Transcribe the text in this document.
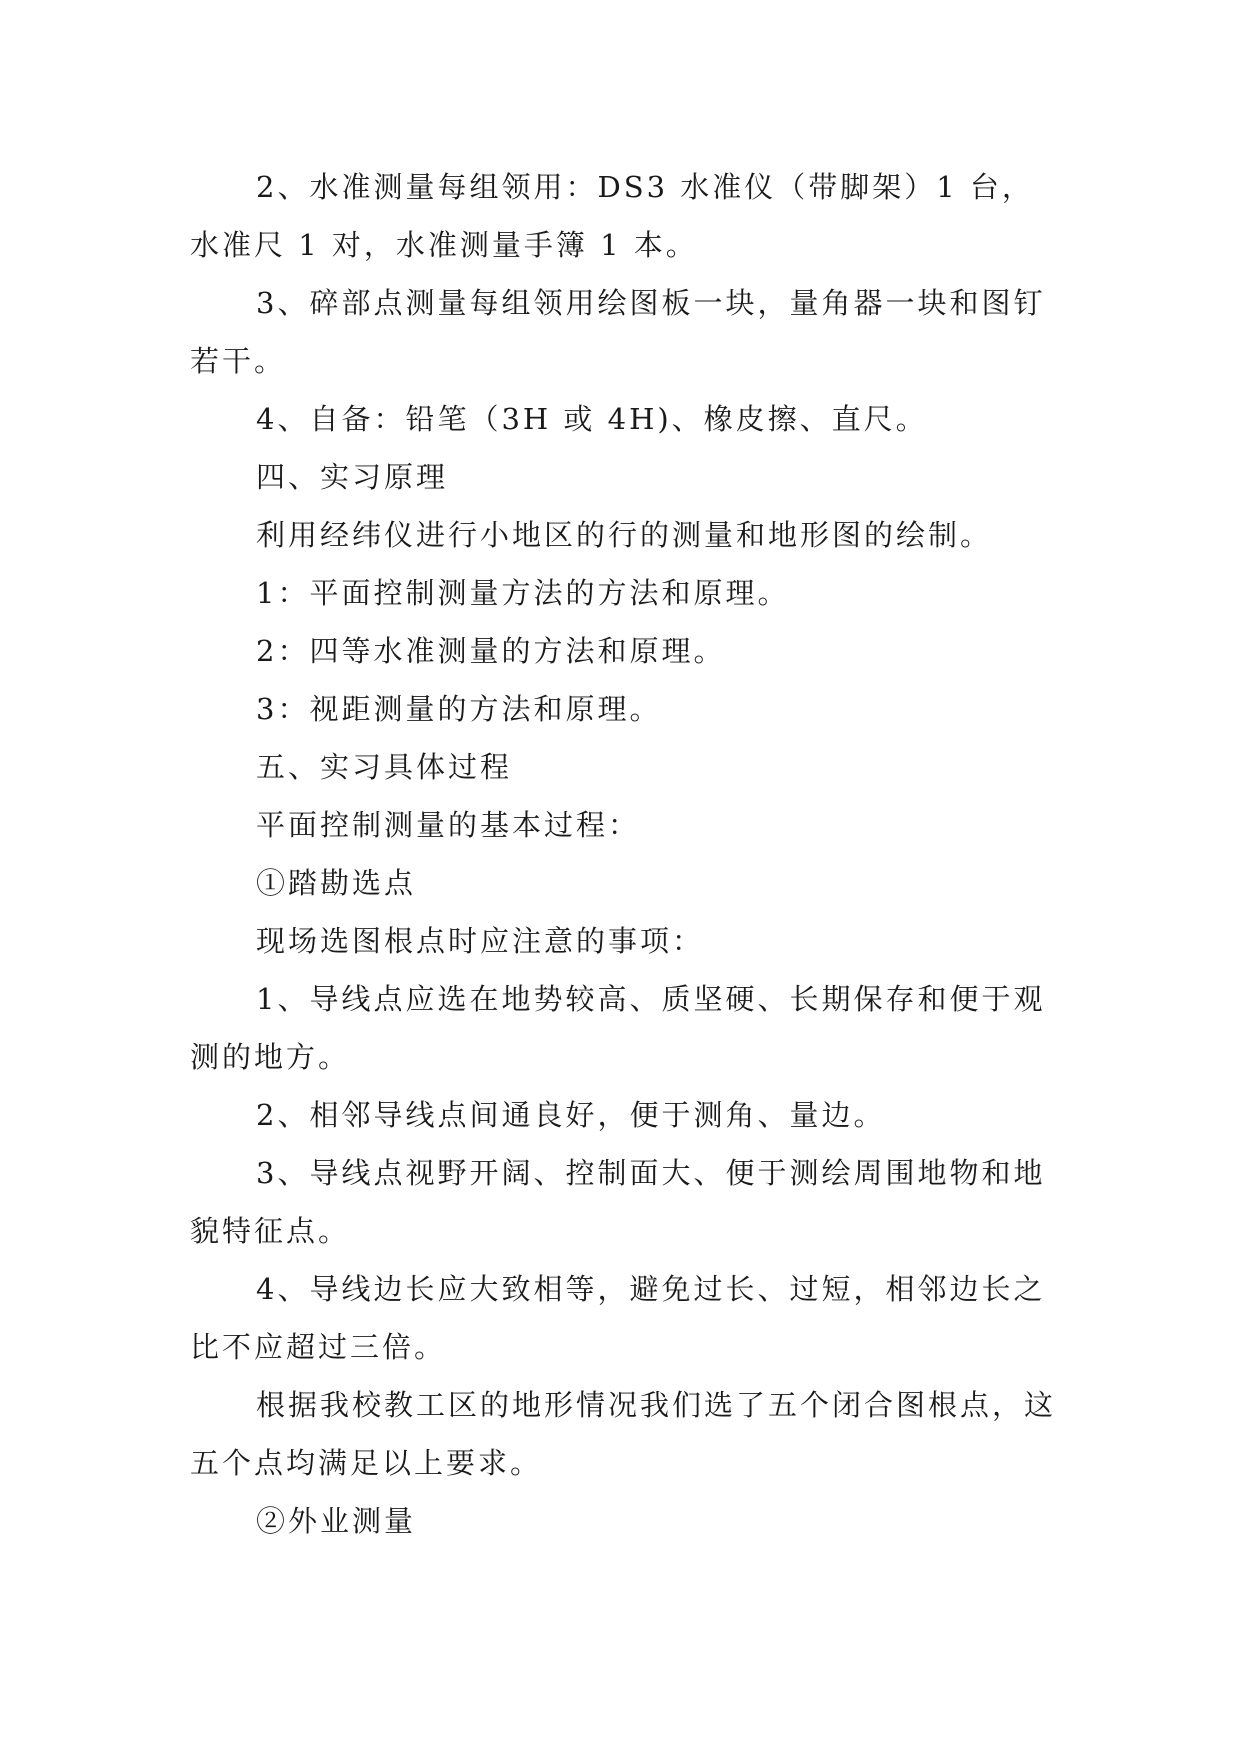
2、水准测量每组领用：DS3 水准仪（带脚架）1 台，水准尺 1 对，水准测量手簿 1 本。

3、碎部点测量每组领用绘图板一块，量角器一块和图钉若干。

4、自备：铅笔（3H 或 4H)、橡皮擦、直尺。

四、实习原理

利用经纬仪进行小地区的行的测量和地形图的绘制。

1：平面控制测量方法的方法和原理。

2：四等水准测量的方法和原理。

3：视距测量的方法和原理。

五、实习具体过程

平面控制测量的基本过程：

①踏勘选点

现场选图根点时应注意的事项：

1、导线点应选在地势较高、质坚硬、长期保存和便于观测的地方。

2、相邻导线点间通良好，便于测角、量边。

3、导线点视野开阔、控制面大、便于测绘周围地物和地貌特征点。

4、导线边长应大致相等，避免过长、过短，相邻边长之比不应超过三倍。

根据我校教工区的地形情况我们选了五个闭合图根点，这五个点均满足以上要求。

②外业测量
